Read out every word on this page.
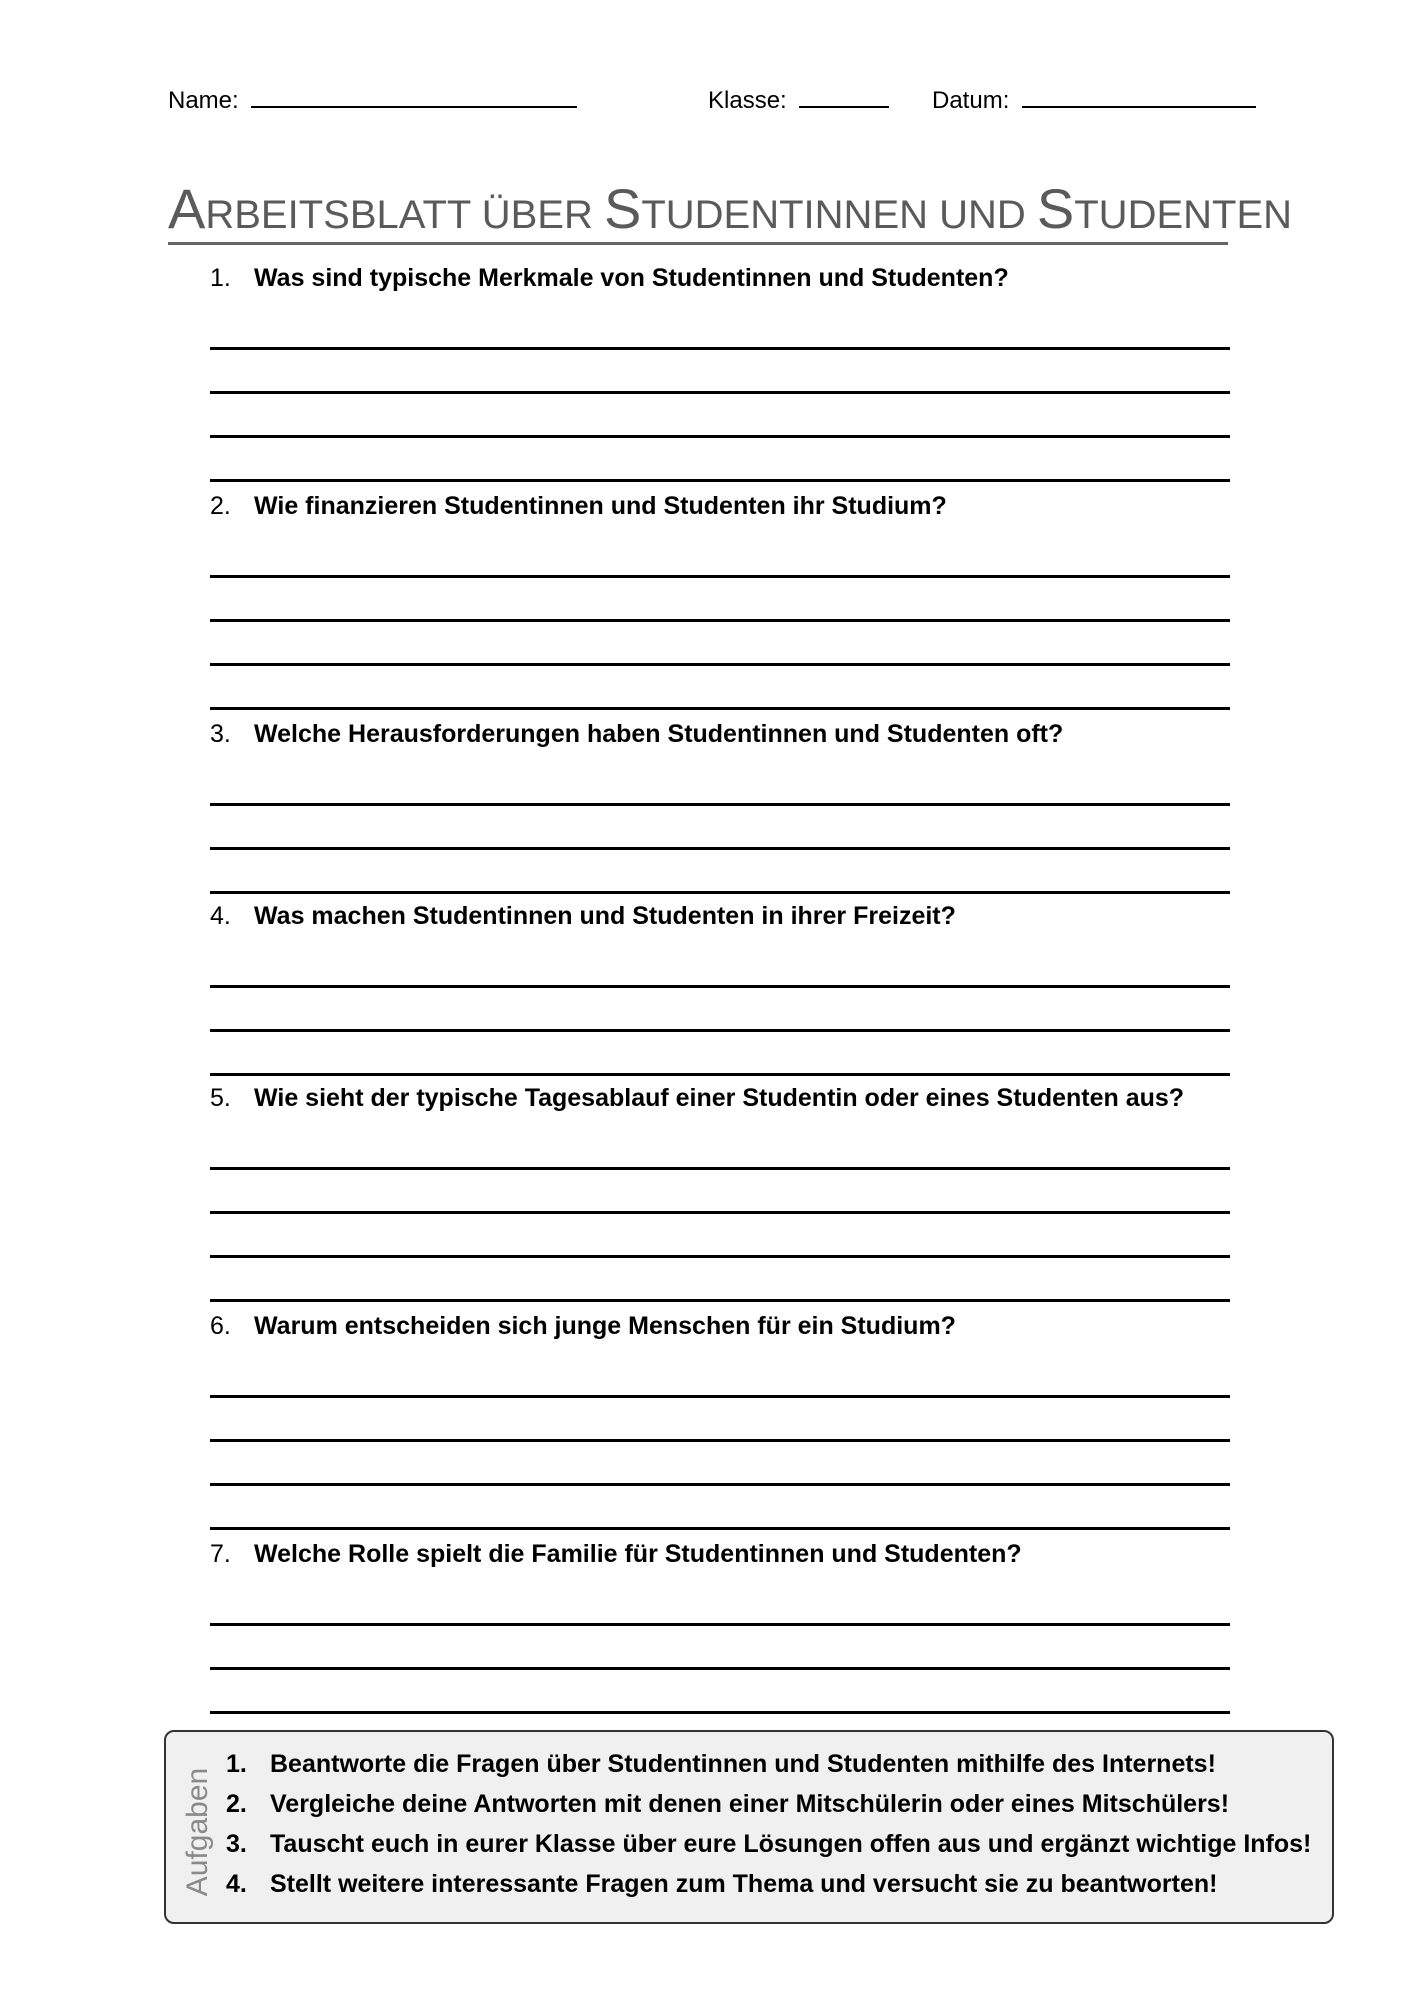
Name:	Klasse:	Datum:
ARBEITSBLATT ÜBER STUDENTINNEN UND STUDENTEN
1. Was sind typische Merkmale von Studentinnen und Studenten?
2. Wie finanzieren Studentinnen und Studenten ihr Studium?
3. Welche Herausforderungen haben Studentinnen und Studenten oft?
4. Was machen Studentinnen und Studenten in ihrer Freizeit?
5. Wie sieht der typische Tagesablauf einer Studentin oder eines Studenten aus?
6. Warum entscheiden sich junge Menschen für ein Studium?
7. Welche Rolle spielt die Familie für Studentinnen und Studenten?
Aufgaben
1. Beantworte die Fragen über Studentinnen und Studenten mithilfe des Internets!
2. Vergleiche deine Antworten mit denen einer Mitschülerin oder eines Mitschülers!
3. Tauscht euch in eurer Klasse über eure Lösungen offen aus und ergänzt wichtige Infos!
4. Stellt weitere interessante Fragen zum Thema und versucht sie zu beantworten!
